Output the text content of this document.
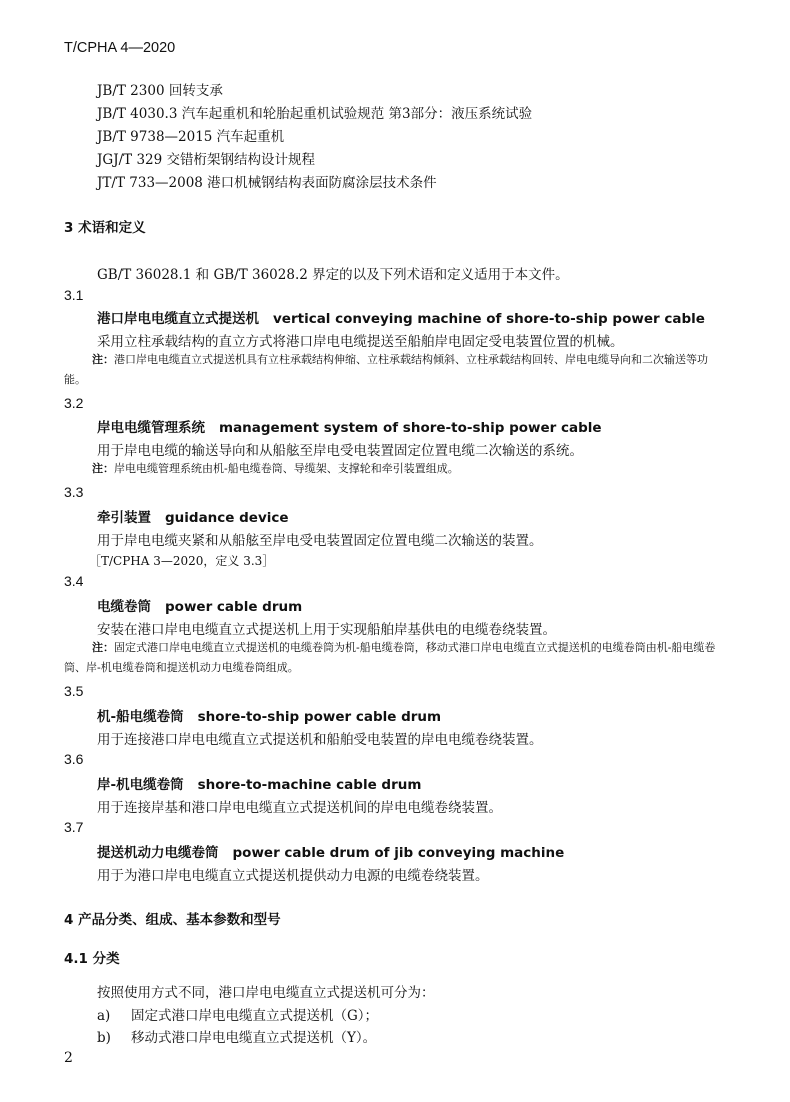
T/CPHA 4—2020
JB/T 2300 回转支承
JB/T 4030.3 汽车起重机和轮胎起重机试验规范 第3部分：液压系统试验
JB/T 9738—2015 汽车起重机
JGJ/T 329 交错桁架钢结构设计规程
JT/T 733—2008 港口机械钢结构表面防腐涂层技术条件
3 术语和定义
GB/T 36028.1 和 GB/T 36028.2 界定的以及下列术语和定义适用于本文件。
3.1
港口岸电电缆直立式提送机 vertical conveying machine of shore-to-ship power cable
采用立柱承载结构的直立方式将港口岸电电缆提送至船舶岸电固定受电装置位置的机械。
注：港口岸电电缆直立式提送机具有立柱承载结构伸缩、立柱承载结构倾斜、立柱承载结构回转、岸电电缆导向和二次输送等功能。
3.2
岸电电缆管理系统 management system of shore-to-ship power cable
用于岸电电缆的输送导向和从船舷至岸电受电装置固定位置电缆二次输送的系统。
注：岸电电缆管理系统由机-船电缆卷筒、导缆架、支撑轮和牵引装置组成。
3.3
牵引装置 guidance device
用于岸电电缆夹紧和从船舷至岸电受电装置固定位置电缆二次输送的装置。
［T/CPHA 3—2020，定义 3.3］
3.4
电缆卷筒 power cable drum
安装在港口岸电电缆直立式提送机上用于实现船舶岸基供电的电缆卷绕装置。
注：固定式港口岸电电缆直立式提送机的电缆卷筒为机-船电缆卷筒，移动式港口岸电电缆直立式提送机的电缆卷筒由机-船电缆卷筒、岸-机电缆卷筒和提送机动力电缆卷筒组成。
3.5
机-船电缆卷筒 shore-to-ship power cable drum
用于连接港口岸电电缆直立式提送机和船舶受电装置的岸电电缆卷绕装置。
3.6
岸-机电缆卷筒 shore-to-machine cable drum
用于连接岸基和港口岸电电缆直立式提送机间的岸电电缆卷绕装置。
3.7
提送机动力电缆卷筒 power cable drum of jib conveying machine
用于为港口岸电电缆直立式提送机提供动力电源的电缆卷绕装置。
4 产品分类、组成、基本参数和型号
4.1 分类
按照使用方式不同，港口岸电电缆直立式提送机可分为：
a) 固定式港口岸电电缆直立式提送机（G）；
b) 移动式港口岸电电缆直立式提送机（Y）。
2
